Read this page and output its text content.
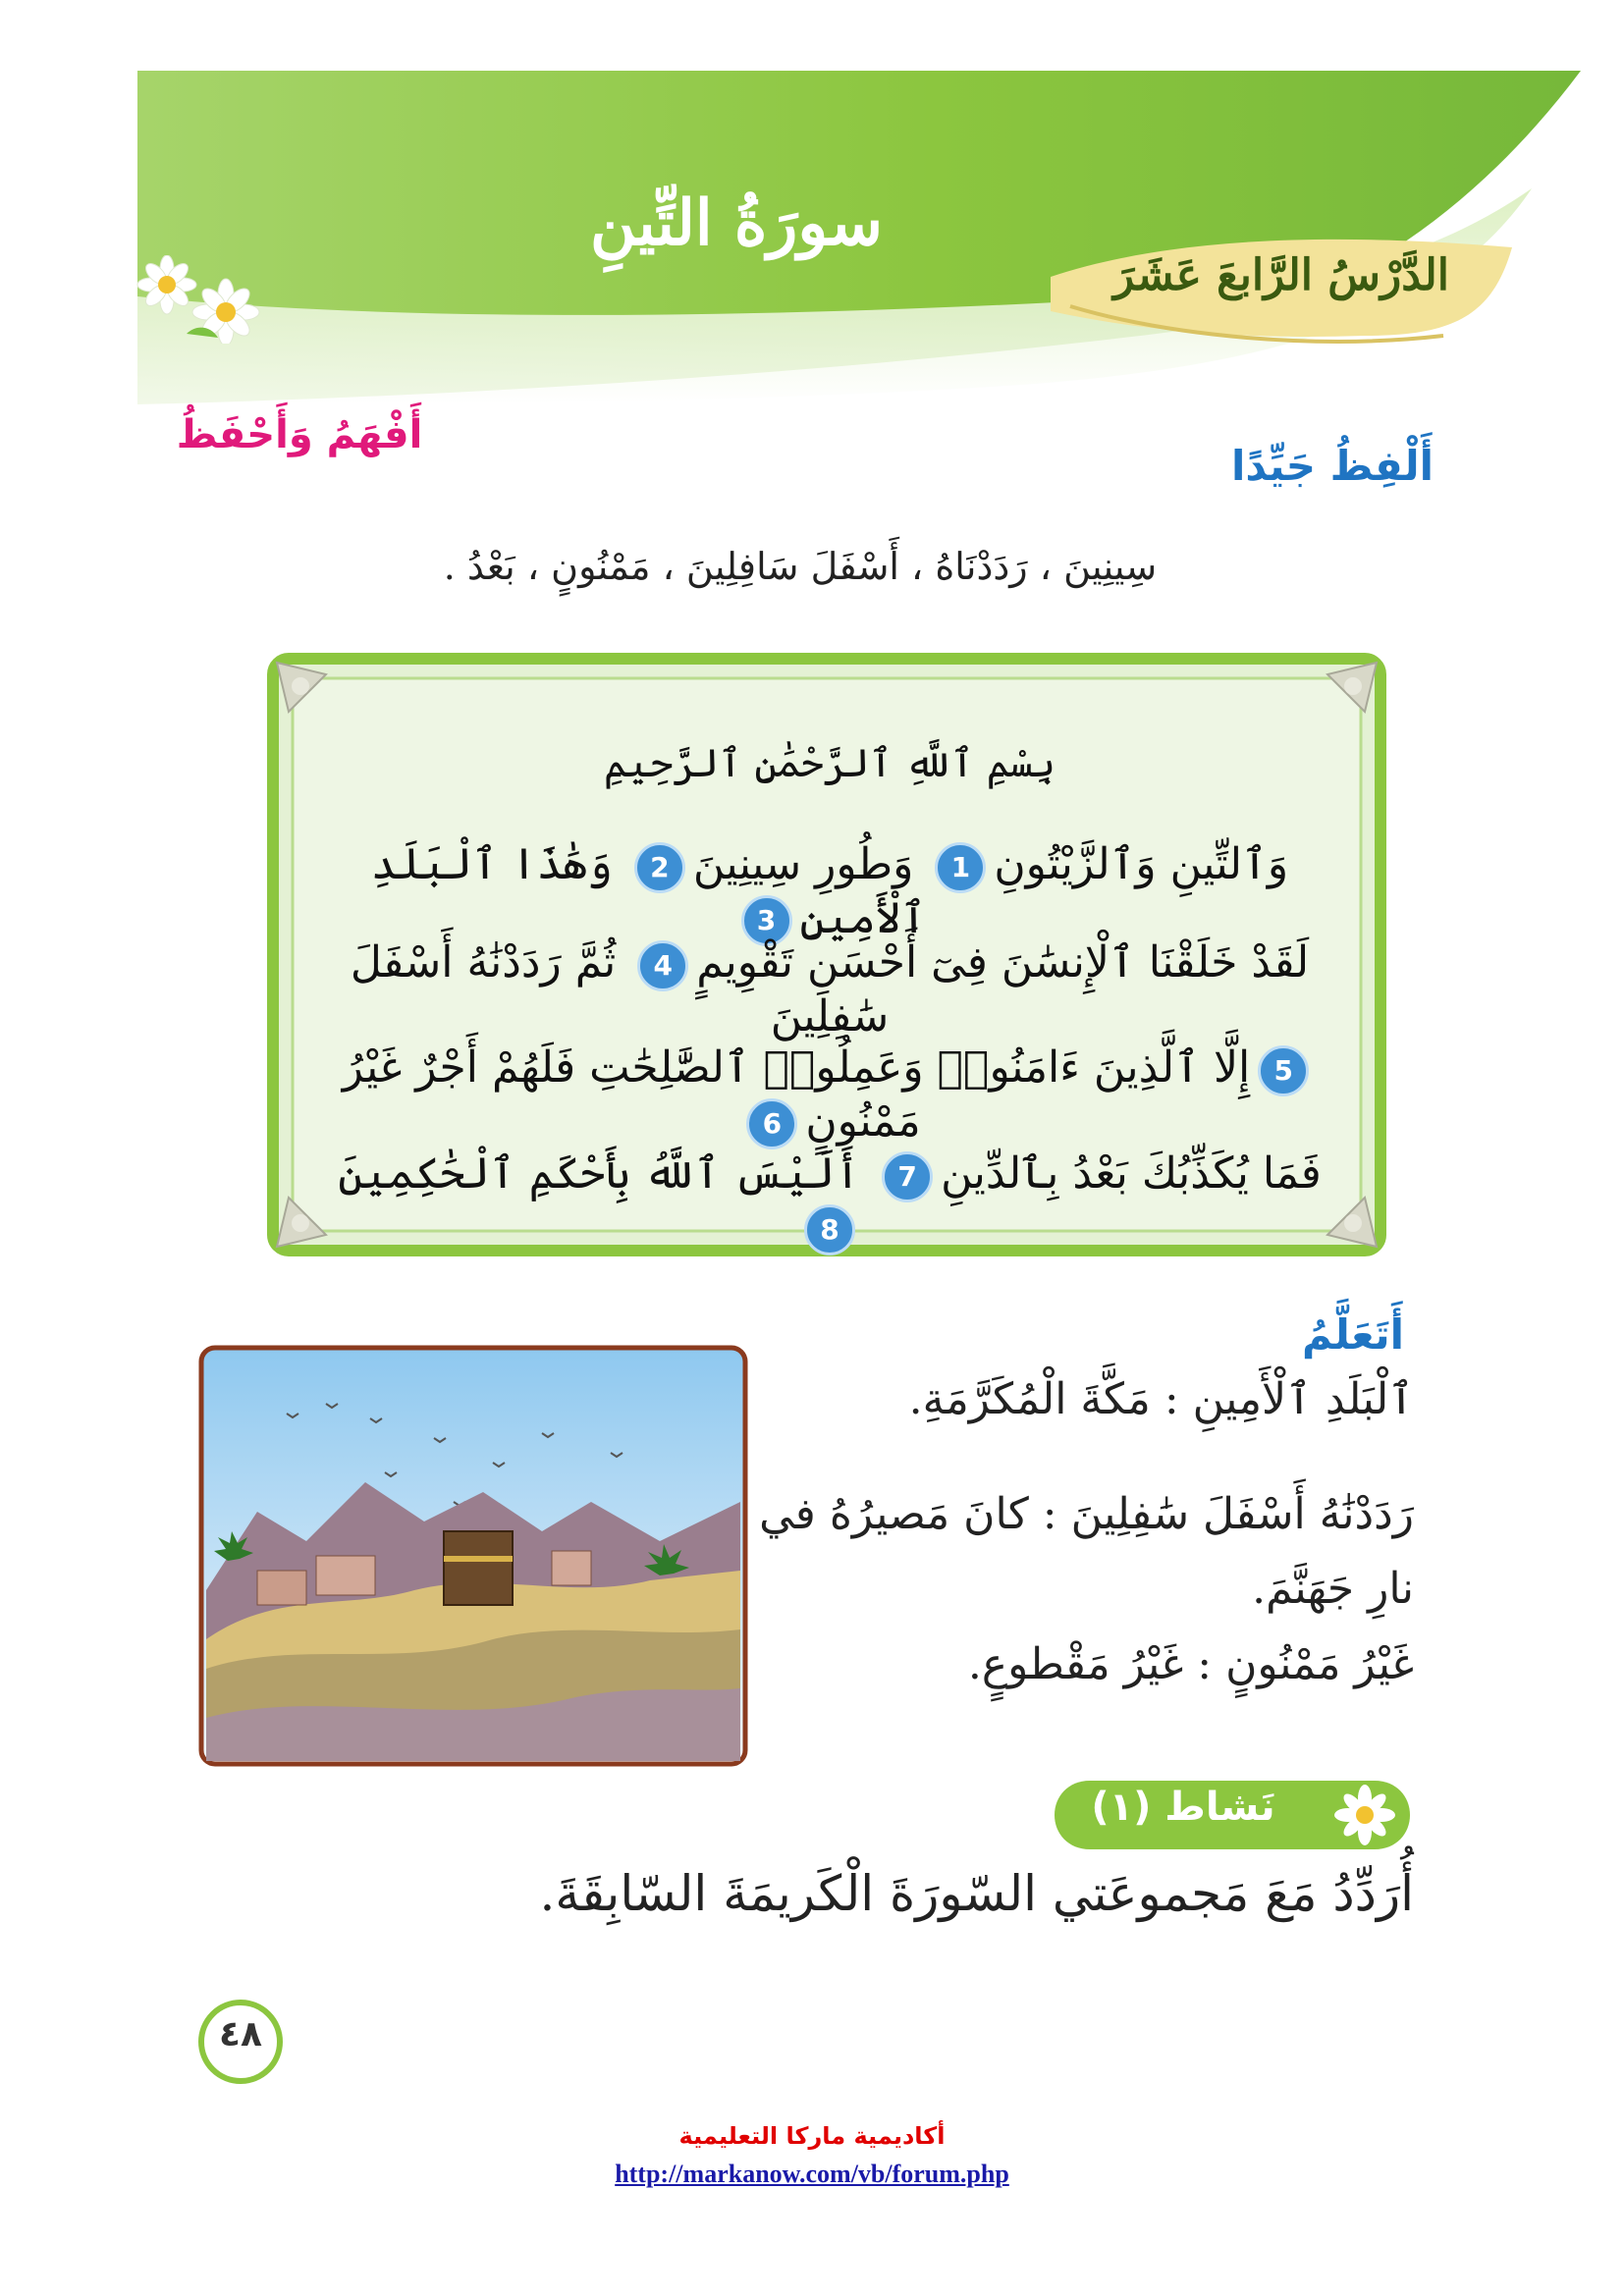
سورَةُ التِّينِ
الدَّرْسُ الرَّابعَ عَشَرَ
أَفْهَمُ وَأَحْفَظُ
أَلْفِظُ جَيِّدًا
سِينِينَ ، رَدَدْنَاهُ ، أَسْفَلَ سَافِلِينَ ، مَمْنُونٍ ، بَعْدُ .
بِسْمِ ٱللَّهِ ٱلرَّحْمَٰنِ ٱلرَّحِيمِ
وَٱلتِّينِ وَٱلزَّيْتُونِ1 وَطُورِ سِينِينَ2 وَهَٰذَا ٱلْبَلَدِ ٱلْأَمِينِ3
لَقَدْ خَلَقْنَا ٱلْإِنسَٰنَ فِىٓ أَحْسَنِ تَقْوِيمٍ4 ثُمَّ رَدَدْنَٰهُ أَسْفَلَ سَٰفِلِينَ
5إِلَّا ٱلَّذِينَ ءَامَنُوا۟ وَعَمِلُوا۟ ٱلصَّٰلِحَٰتِ فَلَهُمْ أَجْرٌ غَيْرُ مَمْنُونٍ6
فَمَا يُكَذِّبُكَ بَعْدُ بِٱلدِّينِ7 أَلَيْسَ ٱللَّهُ بِأَحْكَمِ ٱلْحَٰكِمِينَ8
أَتَعَلَّمُ
ٱلْبَلَدِ ٱلْأَمِينِ : مَكَّةَ الْمُكَرَّمَةِ.
رَدَدْنَٰهُ أَسْفَلَ سَٰفِلِينَ : كانَ مَصيرُهُ في نارِ جَهَنَّمَ.
غَيْرُ مَمْنُونٍ : غَيْرُ مَقْطوعٍ.
نَشاط (١)
أُرَدِّدُ مَعَ مَجموعَتي السّورَةَ الْكَريمَةَ السّابِقَةَ.
٤٨
أكاديمية ماركا التعليمية
http://markanow.com/vb/forum.php
